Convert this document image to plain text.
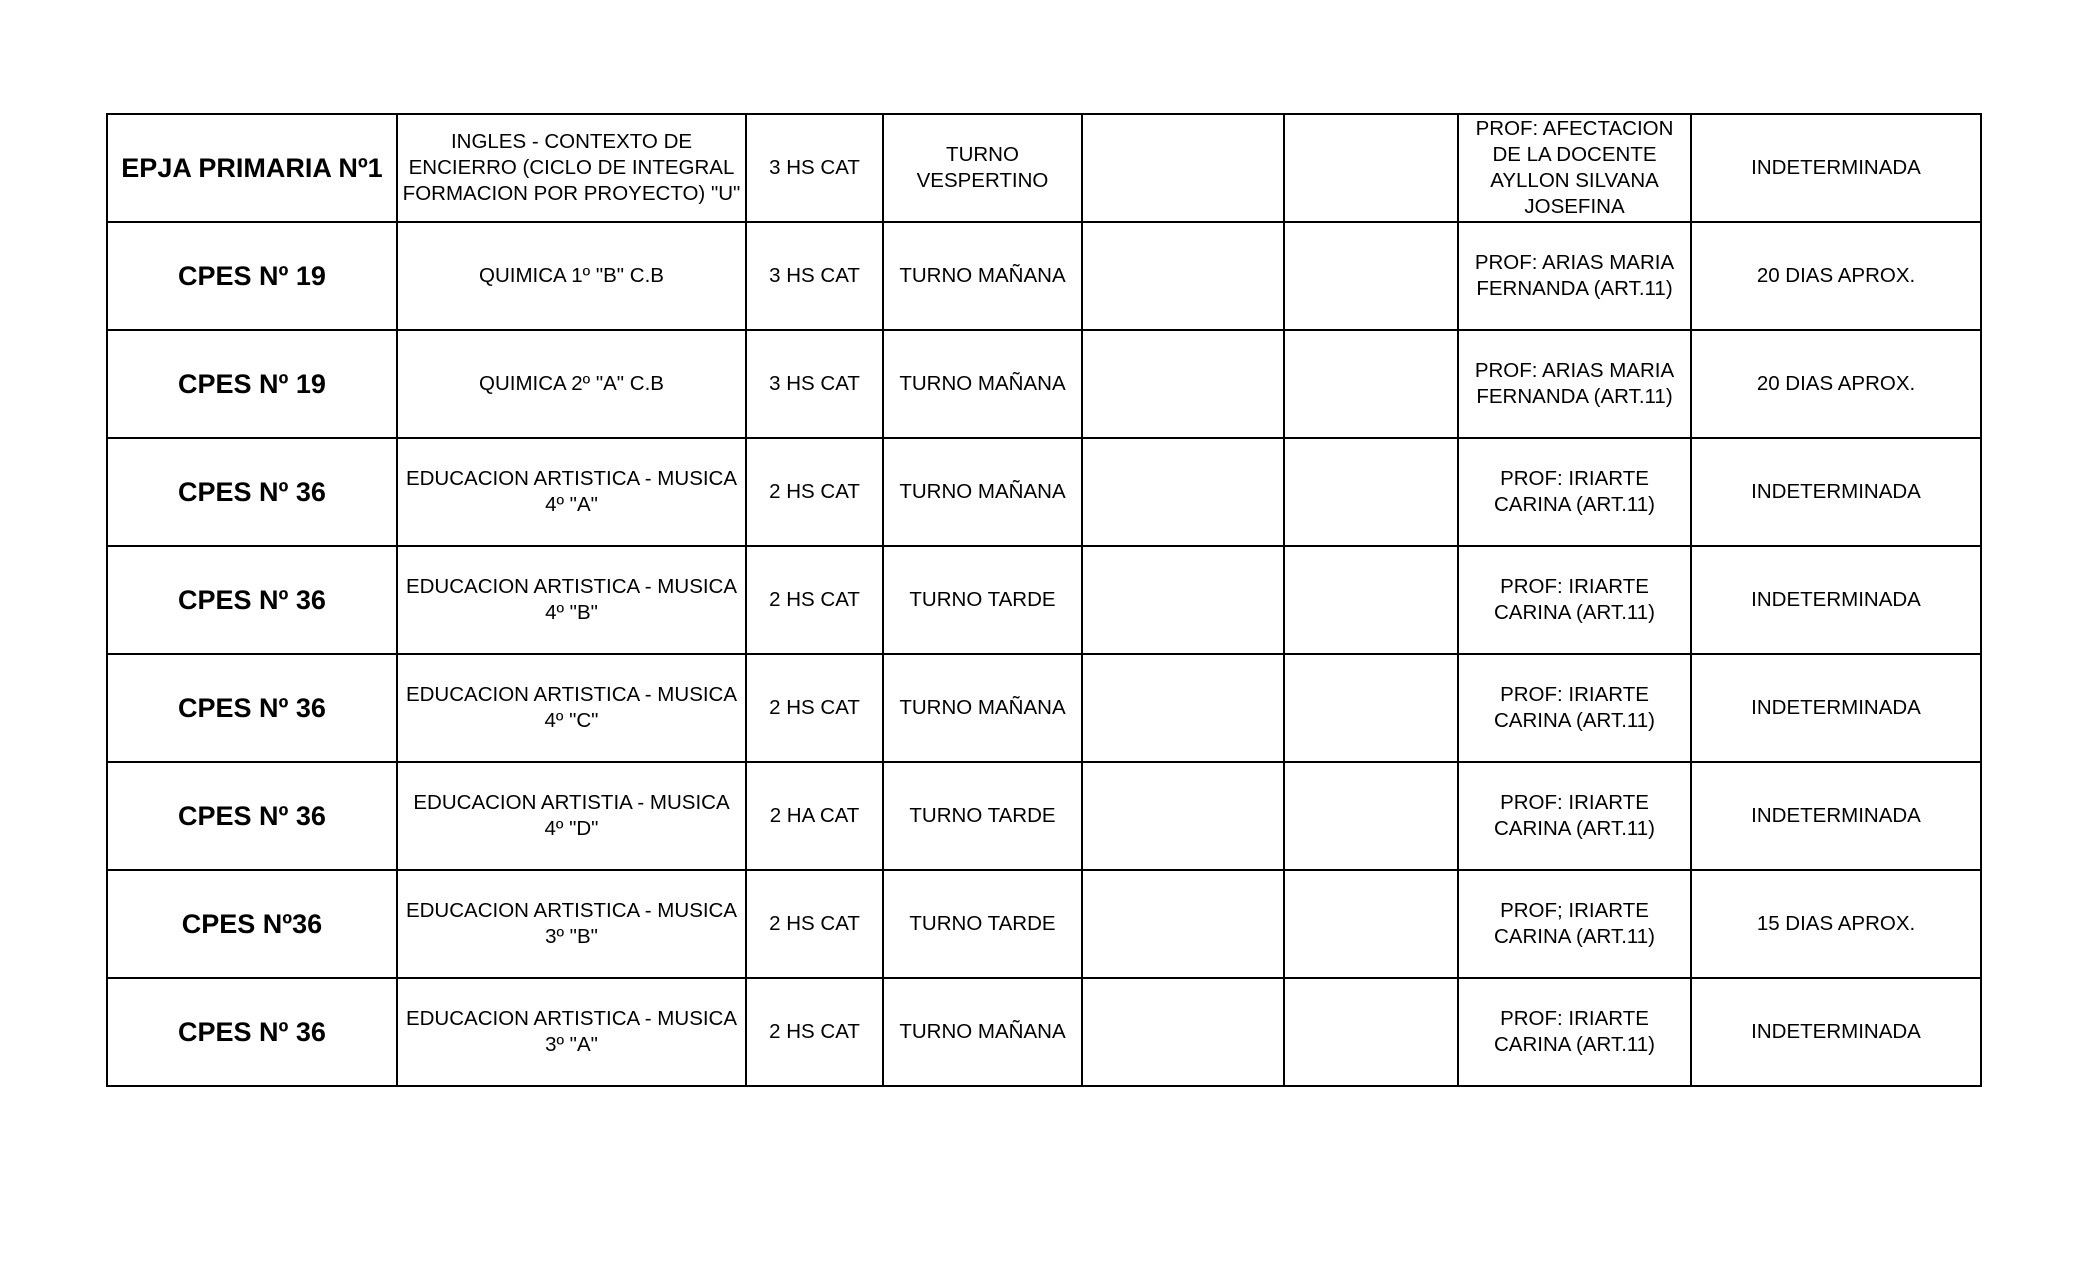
EPJA PRIMARIA Nº1	INGLES - CONTEXTO DE ENCIERRO (CICLO DE INTEGRAL FORMACION POR PROYECTO) "U"	3 HS CAT	TURNO VESPERTINO			PROF: AFECTACION DE LA DOCENTE AYLLON SILVANA JOSEFINA	INDETERMINADA
CPES Nº 19	QUIMICA 1º "B" C.B	3 HS CAT	TURNO MAÑANA			PROF: ARIAS MARIA FERNANDA (ART.11)	20 DIAS APROX.
CPES Nº 19	QUIMICA 2º "A" C.B	3 HS CAT	TURNO MAÑANA			PROF: ARIAS MARIA FERNANDA (ART.11)	20 DIAS APROX.
CPES Nº 36	EDUCACION ARTISTICA - MUSICA 4º "A"	2 HS CAT	TURNO MAÑANA			PROF: IRIARTE CARINA (ART.11)	INDETERMINADA
CPES Nº 36	EDUCACION ARTISTICA - MUSICA 4º "B"	2 HS CAT	TURNO TARDE			PROF: IRIARTE CARINA (ART.11)	INDETERMINADA
CPES Nº 36	EDUCACION ARTISTICA - MUSICA 4º "C"	2 HS CAT	TURNO MAÑANA			PROF: IRIARTE CARINA (ART.11)	INDETERMINADA
CPES Nº 36	EDUCACION ARTISTIA - MUSICA 4º "D"	2 HA CAT	TURNO TARDE			PROF: IRIARTE CARINA (ART.11)	INDETERMINADA
CPES Nº36	EDUCACION ARTISTICA - MUSICA 3º "B"	2 HS CAT	TURNO TARDE			PROF; IRIARTE CARINA (ART.11)	15 DIAS APROX.
CPES Nº 36	EDUCACION ARTISTICA - MUSICA 3º "A"	2 HS CAT	TURNO MAÑANA			PROF: IRIARTE CARINA (ART.11)	INDETERMINADA
